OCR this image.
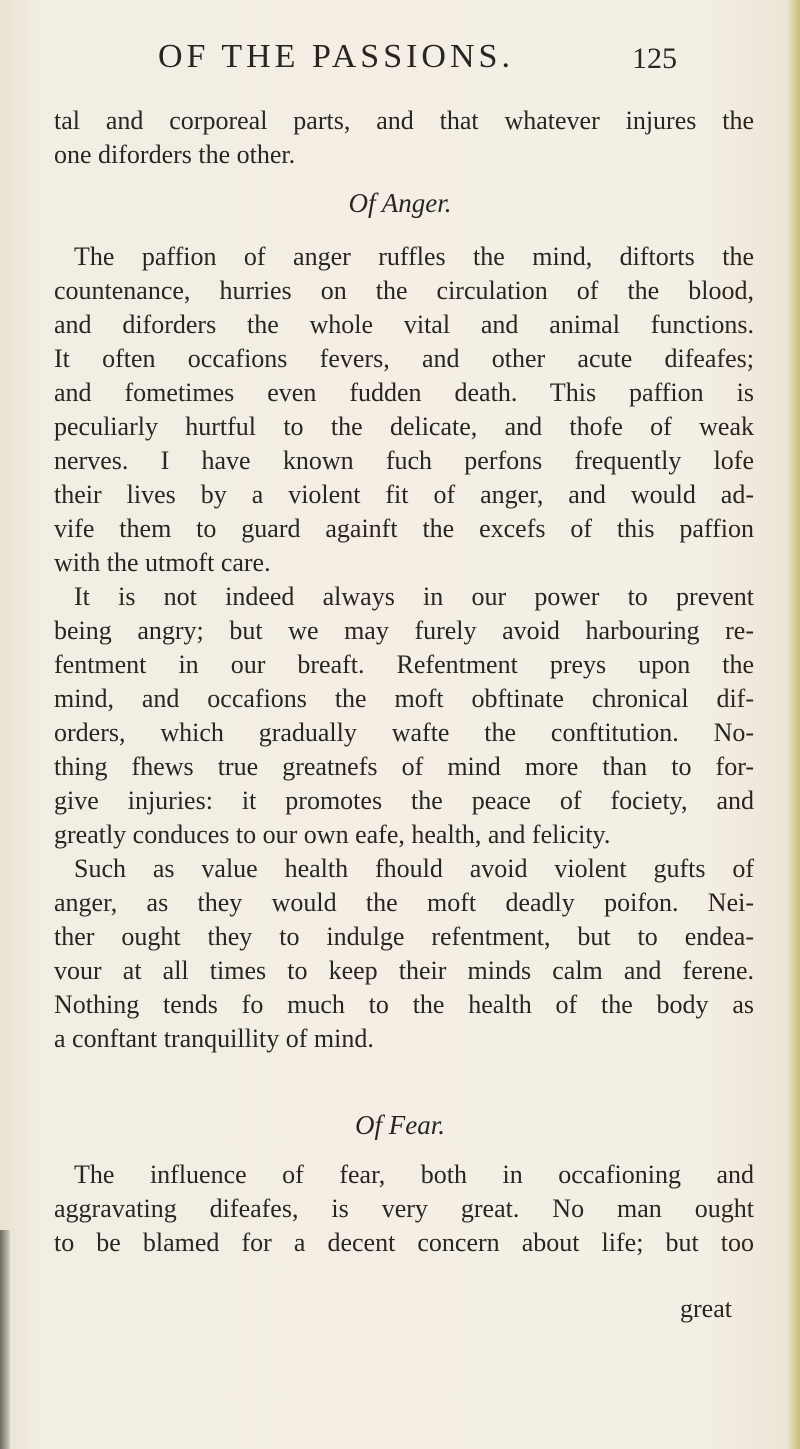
OF THE PASSIONS.	125
tal and corporeal parts, and that whatever injures the
one diforders the other.
Of Anger.
The paffion of anger ruffles the mind, diftorts the
countenance, hurries on the circulation of the blood,
and diforders the whole vital and animal functions.
It often occafions fevers, and other acute difeafes;
and fometimes even fudden death. This paffion is
peculiarly hurtful to the delicate, and thofe of weak
nerves. I have known fuch perfons frequently lofe
their lives by a violent fit of anger, and would ad-
vife them to guard againft the excefs of this paffion
with the utmoft care.
It is not indeed always in our power to prevent
being angry; but we may furely avoid harbouring re-
fentment in our breaft. Refentment preys upon the
mind, and occafions the moft obftinate chronical dif-
orders, which gradually wafte the conftitution. No-
thing fhews true greatnefs of mind more than to for-
give injuries: it promotes the peace of fociety, and
greatly conduces to our own eafe, health, and felicity.
Such as value health fhould avoid violent gufts of
anger, as they would the moft deadly poifon. Nei-
ther ought they to indulge refentment, but to endea-
vour at all times to keep their minds calm and ferene.
Nothing tends fo much to the health of the body as
a conftant tranquillity of mind.
Of Fear.
The influence of fear, both in occafioning and
aggravating difeafes, is very great. No man ought
to be blamed for a decent concern about life; but too
great
